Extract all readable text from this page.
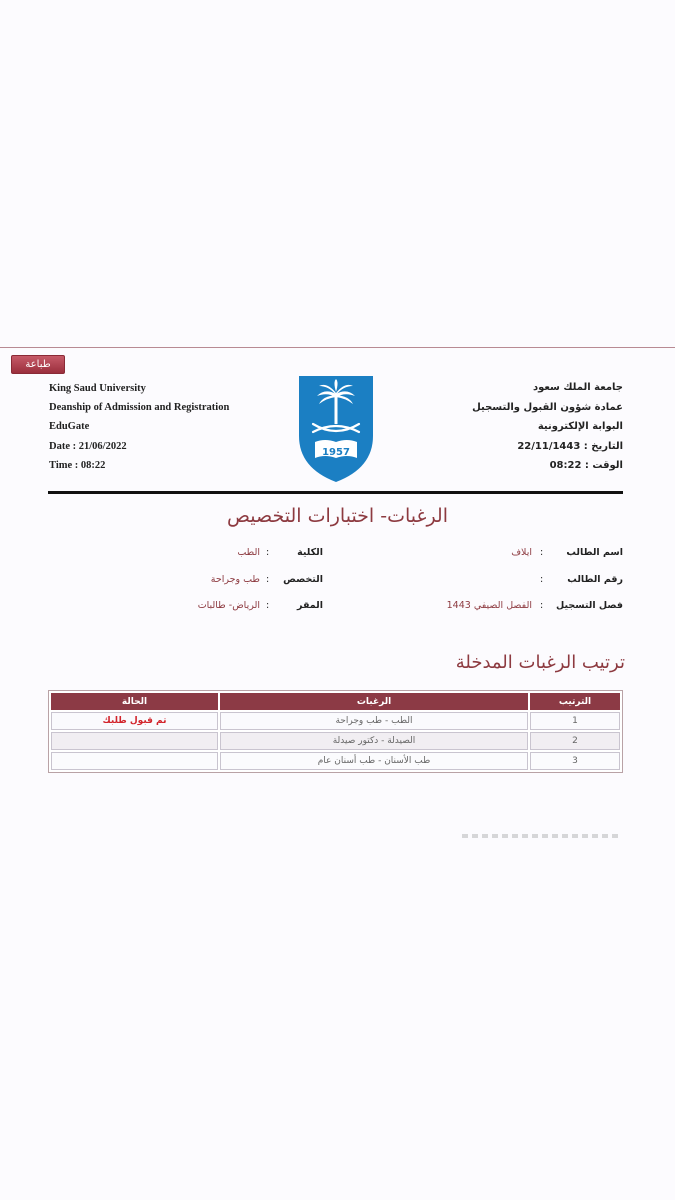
طباعة
King Saud University
Deanship of Admission and Registration
EduGate
Date : 21/06/2022
Time : 08:22
جامعة الملك سعود
عمادة شؤون القبول والتسجيل
البوابة الإلكترونية
التاريخ : 22/11/1443
الوقت : 08:22
1957
الرغبات- اختبارات التخصيص
اسم الطالب
:
ايلاف
رقم الطالب
:
فصل التسجيل
:
الفصل الصيفي 1443
الكلية
:
الطب
التخصص
:
طب وجراحة
المقر
:
الرياض- طالبات
ترتيب الرغبات المدخلة
الترتيب	الرغبات	الحالة
1	الطب - طب وجراحة	تم قبول طلبك
2	الصيدلة - دكتور صيدلة	
3	طب الأسنان - طب أسنان عام	
